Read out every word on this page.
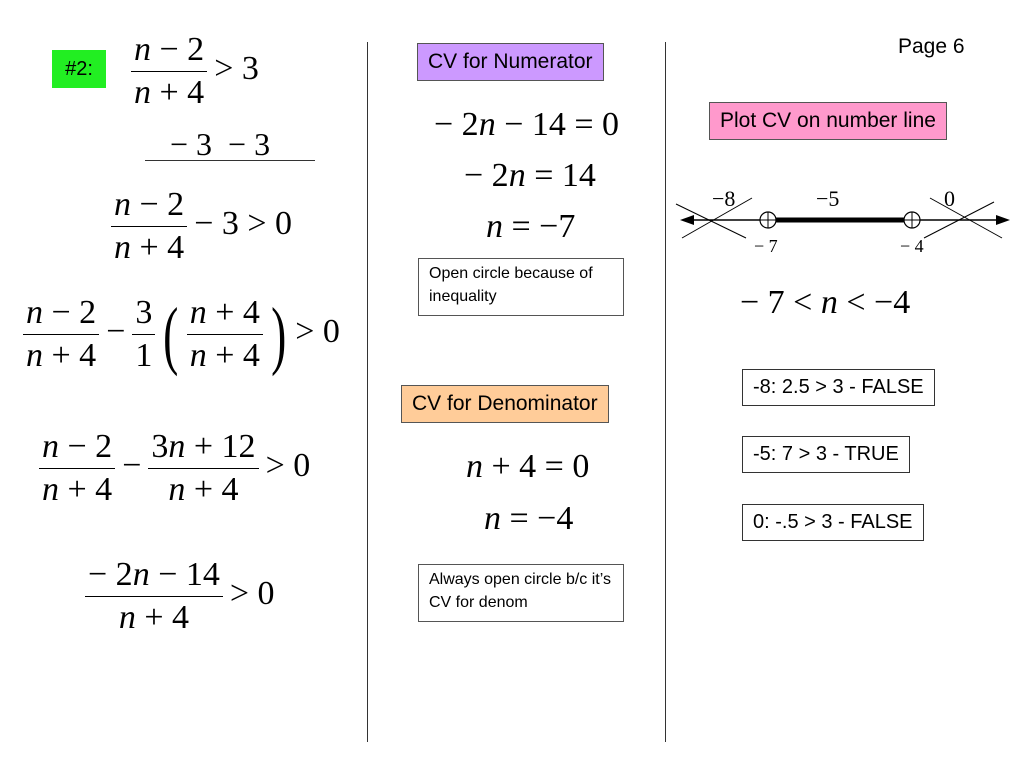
Page 6
#2:	$\frac{n - 2}{n + 4} > 3$
− 3  − 3
$\frac{n - 2}{n + 4} - 3 > 0$
$\frac{n - 2}{n + 4} - \frac{3}{1}$ ( $\frac{n + 4}{n + 4}$ ) > 0
$\frac{n - 2}{n + 4} - \frac{3n + 12}{n + 4} > 0$
$\frac{- 2n - 14}{n + 4} > 0$
CV for Numerator
− 2n − 14 = 0
− 2n = 14
n = −7
Open circle because of inequality
CV for Denominator
n + 4 = 0
n = −4
Always open circle b/c it’s CV for denom
Plot CV on number line
−8	−5	0
− 7	− 4
− 7 < n < −4
-8: 2.5 > 3 - FALSE
-5: 7 > 3 - TRUE
0: -.5 > 3 - FALSE
